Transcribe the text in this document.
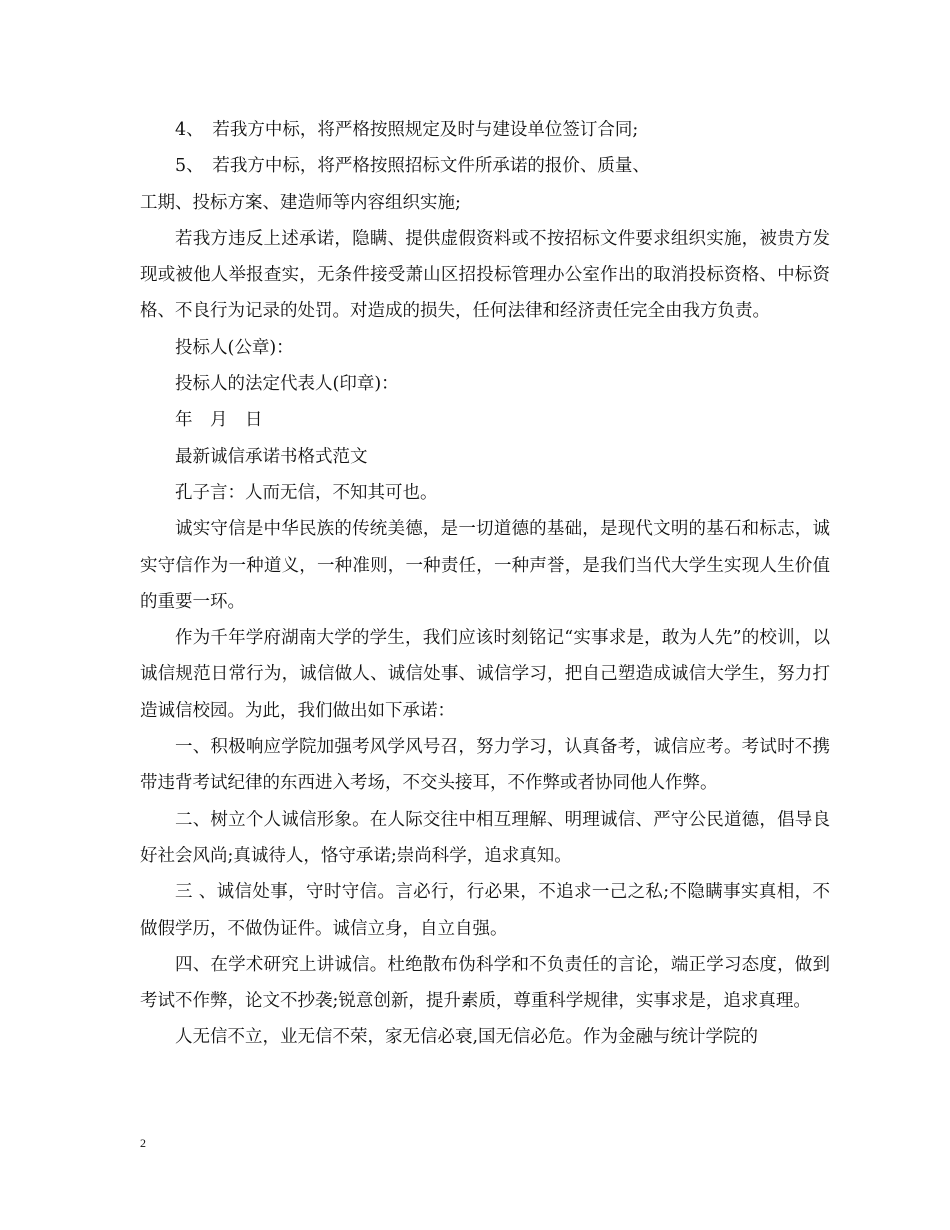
4、　若我方中标，将严格按照规定及时与建设单位签订合同;

5、　若我方中标，将严格按照招标文件所承诺的报价、质量、

工期、投标方案、建造师等内容组织实施;

若我方违反上述承诺，隐瞒、提供虚假资料或不按招标文件要求组织实施，被贵方发现或被他人举报查实，无条件接受萧山区招投标管理办公室作出的取消投标资格、中标资格、不良行为记录的处罚。对造成的损失，任何法律和经济责任完全由我方负责。

投标人(公章)：

投标人的法定代表人(印章)：

年　月　日

最新诚信承诺书格式范文

孔子言：人而无信，不知其可也。

诚实守信是中华民族的传统美德，是一切道德的基础，是现代文明的基石和标志，诚实守信作为一种道义，一种准则，一种责任，一种声誉，是我们当代大学生实现人生价值的重要一环。

作为千年学府湖南大学的学生，我们应该时刻铭记“实事求是，敢为人先”的校训，以诚信规范日常行为，诚信做人、诚信处事、诚信学习，把自己塑造成诚信大学生，努力打造诚信校园。为此，我们做出如下承诺：

一、积极响应学院加强考风学风号召，努力学习，认真备考，诚信应考。考试时不携带违背考试纪律的东西进入考场，不交头接耳，不作弊或者协同他人作弊。

二、树立个人诚信形象。在人际交往中相互理解、明理诚信、严守公民道德，倡导良好社会风尚;真诚待人，恪守承诺;崇尚科学，追求真知。

三 、诚信处事，守时守信。言必行，行必果，不追求一己之私;不隐瞒事实真相，不做假学历，不做伪证件。诚信立身，自立自强。

四、在学术研究上讲诚信。杜绝散布伪科学和不负责任的言论，端正学习态度，做到考试不作弊，论文不抄袭;锐意创新，提升素质，尊重科学规律，实事求是，追求真理。

人无信不立，业无信不荣，家无信必衰,国无信必危。作为金融与统计学院的

2
